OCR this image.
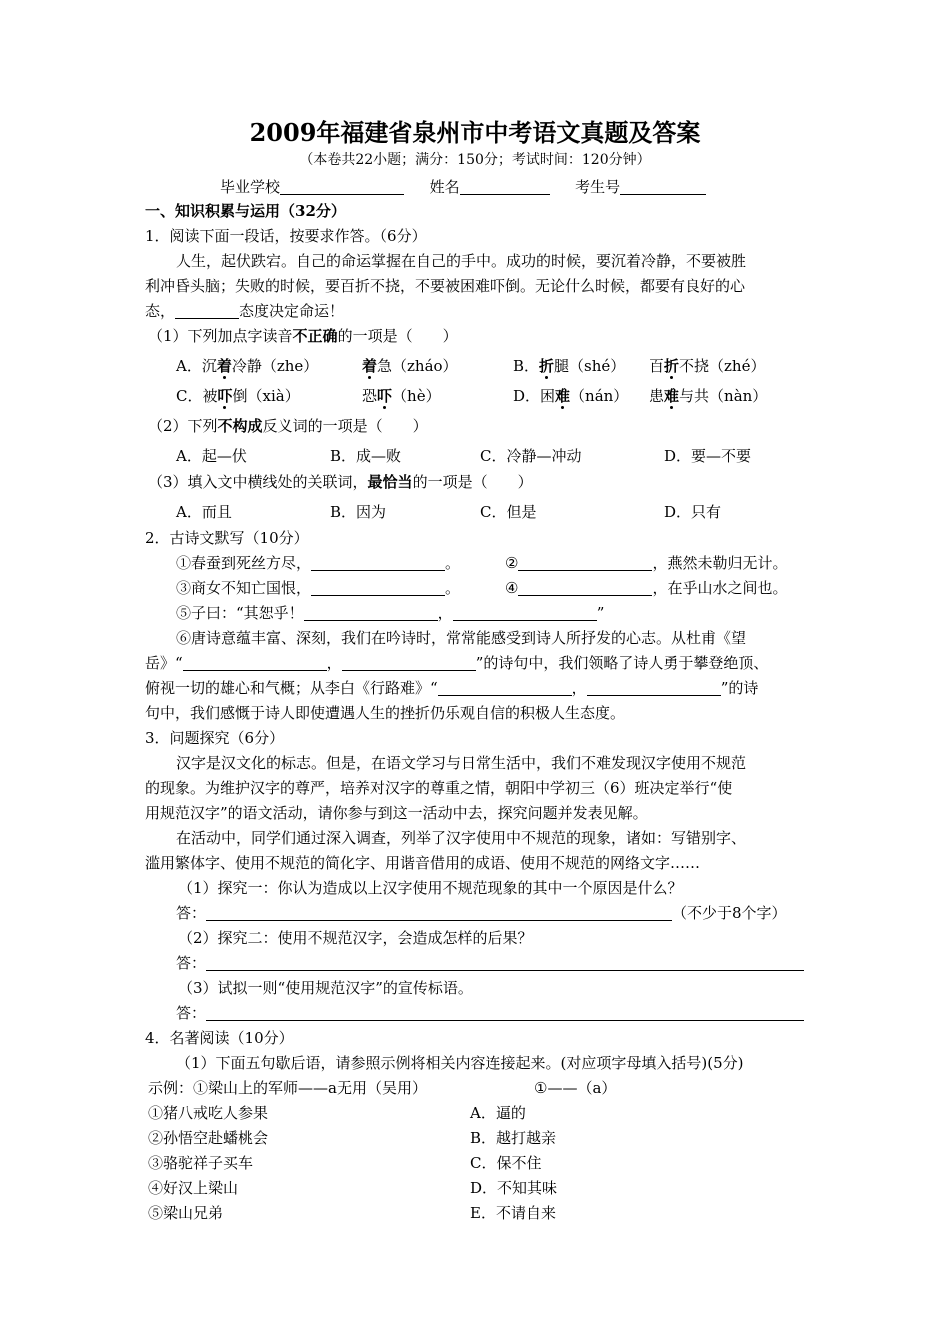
2009年福建省泉州市中考语文真题及答案
（本卷共22小题；满分：150分；考试时间：120分钟）
毕业学校	姓名	考生号
一、知识积累与运用（32分）
1．阅读下面一段话，按要求作答。（6分）
人生，起伏跌宕。自己的命运掌握在自己的手中。成功的时候，要沉着冷静，不要被胜
利冲昏头脑；失败的时候，要百折不挠，不要被困难吓倒。无论什么时候，都要有良好的心
态，	态度决定命运！
（1）下列加点字读音不正确的一项是（　　）
A．沉着冷静（zhe）	着急（zháo）	B．折腿（shé） 百折不挠（zhé）
C．被吓倒（xià）	恐吓（hè）	D．困难（nán） 患难与共（nàn）
（2）下列不构成反义词的一项是（　　）
A．起—伏	B．成—败	C．冷静—冲动	D．要—不要
（3）填入文中横线处的关联词，最恰当的一项是（　　）
A．而且	B．因为	C．但是	D．只有
2．古诗文默写（10分）
①春蚕到死丝方尽，	。	②	，燕然未勒归无计。
③商女不知亡国恨，	。	④	，在乎山水之间也。
⑤子曰：“其恕乎！	，	”
⑥唐诗意蕴丰富、深刻，我们在吟诗时，常常能感受到诗人所抒发的心志。从杜甫《望
岳》“	，	”的诗句中，我们领略了诗人勇于攀登绝顶、
俯视一切的雄心和气概；从李白《行路难》“	，	”的诗
句中，我们感慨于诗人即使遭遇人生的挫折仍乐观自信的积极人生态度。
3．问题探究（6分）
汉字是汉文化的标志。但是，在语文学习与日常生活中，我们不难发现汉字使用不规范
的现象。为维护汉字的尊严，培养对汉字的尊重之情，朝阳中学初三（6）班决定举行“使
用规范汉字”的语文活动，请你参与到这一活动中去，探究问题并发表见解。
在活动中，同学们通过深入调查，列举了汉字使用中不规范的现象，诸如：写错别字、
滥用繁体字、使用不规范的简化字、用谐音借用的成语、使用不规范的网络文字……
（1）探究一：你认为造成以上汉字使用不规范现象的其中一个原因是什么？
答：	（不少于8个字）
（2）探究二：使用不规范汉字，会造成怎样的后果？
答：
（3）试拟一则“使用规范汉字”的宣传标语。
答：
4．名著阅读（10分）
（1）下面五句歇后语，请参照示例将相关内容连接起来。(对应项字母填入括号)(5分)
示例：①梁山上的军师——a无用（吴用）	①——（a）
①猪八戒吃人参果	A．逼的
②孙悟空赴蟠桃会	B．越打越亲
③骆驼祥子买车	C．保不住
④好汉上梁山	D．不知其味
⑤梁山兄弟	E．不请自来
